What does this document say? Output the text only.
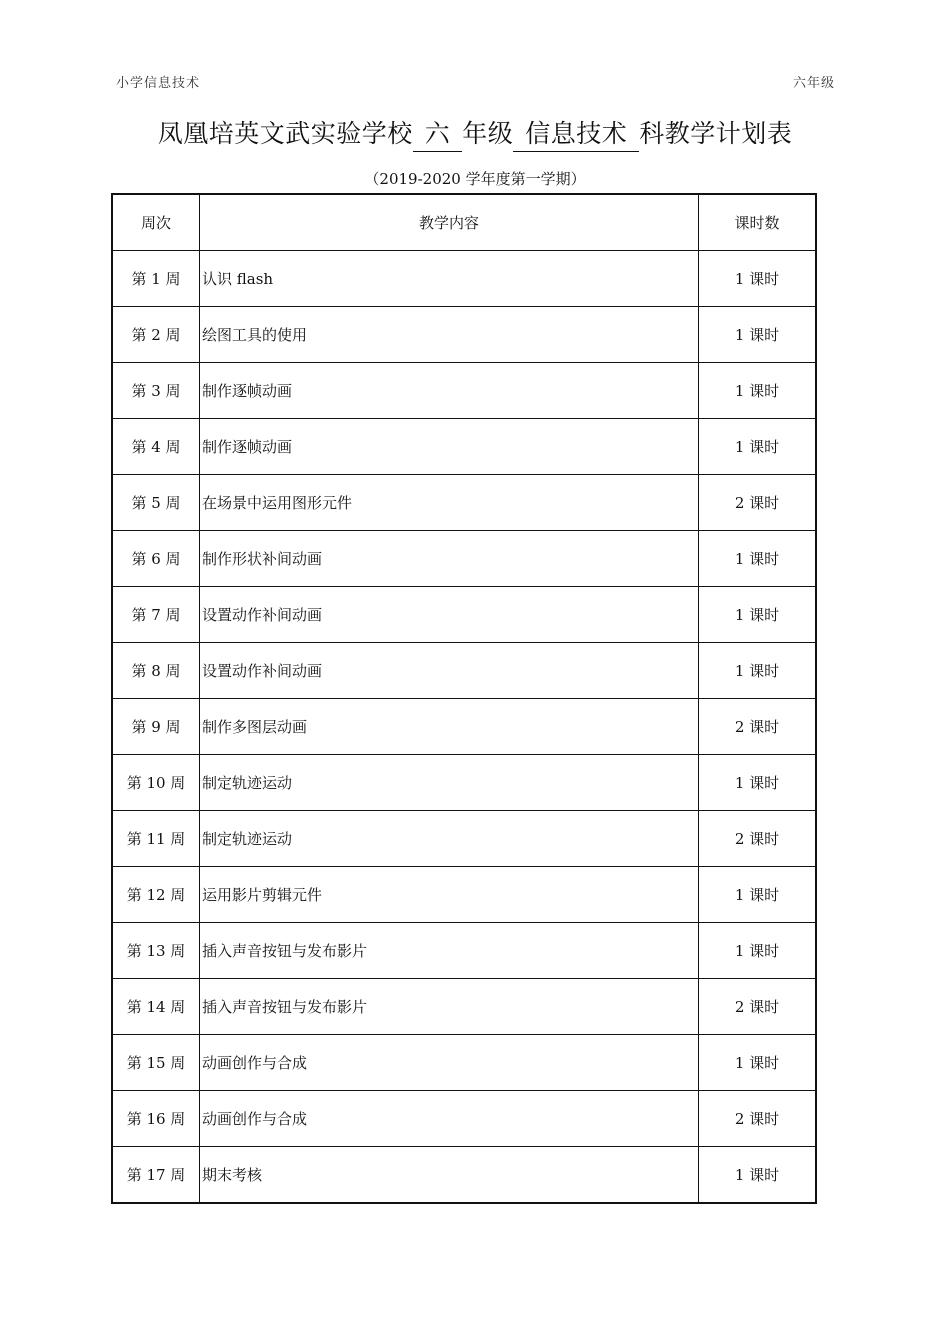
小学信息技术	六年级
凤凰培英文武实验学校 六 年级 信息技术 科教学计划表
（2019-2020 学年度第一学期）
周次	教学内容	课时数
第 1 周	认识 flash	1 课时
第 2 周	绘图工具的使用	1 课时
第 3 周	制作逐帧动画	1 课时
第 4 周	制作逐帧动画	1 课时
第 5 周	在场景中运用图形元件	2 课时
第 6 周	制作形状补间动画	1 课时
第 7 周	设置动作补间动画	1 课时
第 8 周	设置动作补间动画	1 课时
第 9 周	制作多图层动画	2 课时
第 10 周	制定轨迹运动	1 课时
第 11 周	制定轨迹运动	2 课时
第 12 周	运用影片剪辑元件	1 课时
第 13 周	插入声音按钮与发布影片	1 课时
第 14 周	插入声音按钮与发布影片	2 课时
第 15 周	动画创作与合成	1 课时
第 16 周	动画创作与合成	2 课时
第 17 周	期末考核	1 课时
